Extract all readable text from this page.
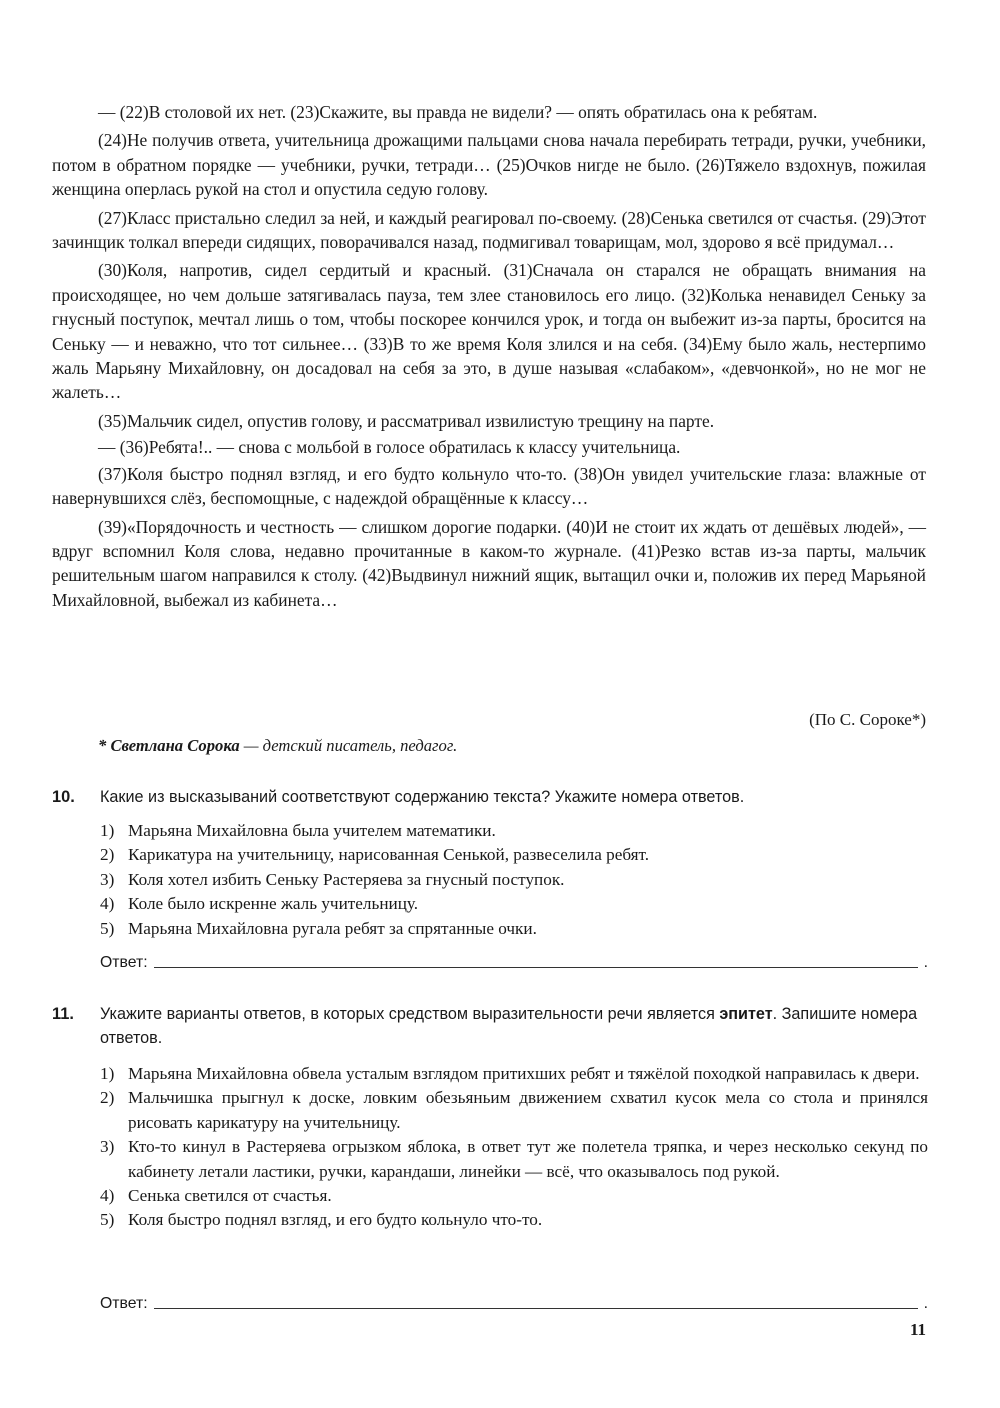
— (22)В столовой их нет. (23)Скажите, вы правда не видели? — опять обратилась она к ребятам.

(24)Не получив ответа, учительница дрожащими пальцами снова начала перебирать тетради, ручки, учебники, потом в обратном порядке — учебники, ручки, тетради… (25)Очков нигде не было. (26)Тяжело вздохнув, пожилая женщина оперлась рукой на стол и опустила седую голову.

(27)Класс пристально следил за ней, и каждый реагировал по-своему. (28)Сенька светился от счастья. (29)Этот зачинщик толкал впереди сидящих, поворачивался назад, подмигивал товарищам, мол, здорово я всё придумал…

(30)Коля, напротив, сидел сердитый и красный. (31)Сначала он старался не обращать внимания на происходящее, но чем дольше затягивалась пауза, тем злее становилось его лицо. (32)Колька ненавидел Сеньку за гнусный поступок, мечтал лишь о том, чтобы поскорее кончился урок, и тогда он выбежит из-за парты, бросится на Сеньку — и неважно, что тот сильнее… (33)В то же время Коля злился и на себя. (34)Ему было жаль, нестерпимо жаль Марьяну Михайловну, он досадовал на себя за это, в душе называя «слабаком», «девчонкой», но не мог не жалеть…

(35)Мальчик сидел, опустив голову, и рассматривал извилистую трещину на парте.

— (36)Ребята!.. — снова с мольбой в голосе обратилась к классу учительница.

(37)Коля быстро поднял взгляд, и его будто кольнуло что-то. (38)Он увидел учительские глаза: влажные от навернувшихся слёз, беспомощные, с надеждой обращённые к классу…

(39)«Порядочность и честность — слишком дорогие подарки. (40)И не стоит их ждать от дешёвых людей», — вдруг вспомнил Коля слова, недавно прочитанные в каком-то журнале. (41)Резко встав из-за парты, мальчик решительным шагом направился к столу. (42)Выдвинул нижний ящик, вытащил очки и, положив их перед Марьяной Михайловной, выбежал из кабинета…

(По С. Сороке*)
* Светлана Сорока — детский писатель, педагог.
10. Какие из высказываний соответствуют содержанию текста? Укажите номера ответов.
1) Марьяна Михайловна была учителем математики.
2) Карикатура на учительницу, нарисованная Сенькой, развеселила ребят.
3) Коля хотел избить Сеньку Растеряева за гнусный поступок.
4) Коле было искренне жаль учительницу.
5) Марьяна Михайловна ругала ребят за спрятанные очки.
Ответ:	.
11. Укажите варианты ответов, в которых средством выразительности речи является эпитет. Запишите номера ответов.
1) Марьяна Михайловна обвела усталым взглядом притихших ребят и тяжёлой походкой направилась к двери.
2) Мальчишка прыгнул к доске, ловким обезьяньим движением схватил кусок мела со стола и принялся рисовать карикатуру на учительницу.
3) Кто-то кинул в Растеряева огрызком яблока, в ответ тут же полетела тряпка, и через несколько секунд по кабинету летали ластики, ручки, карандаши, линейки — всё, что оказывалось под рукой.
4) Сенька светился от счастья.
5) Коля быстро поднял взгляд, и его будто кольнуло что-то.
Ответ:	.
11
